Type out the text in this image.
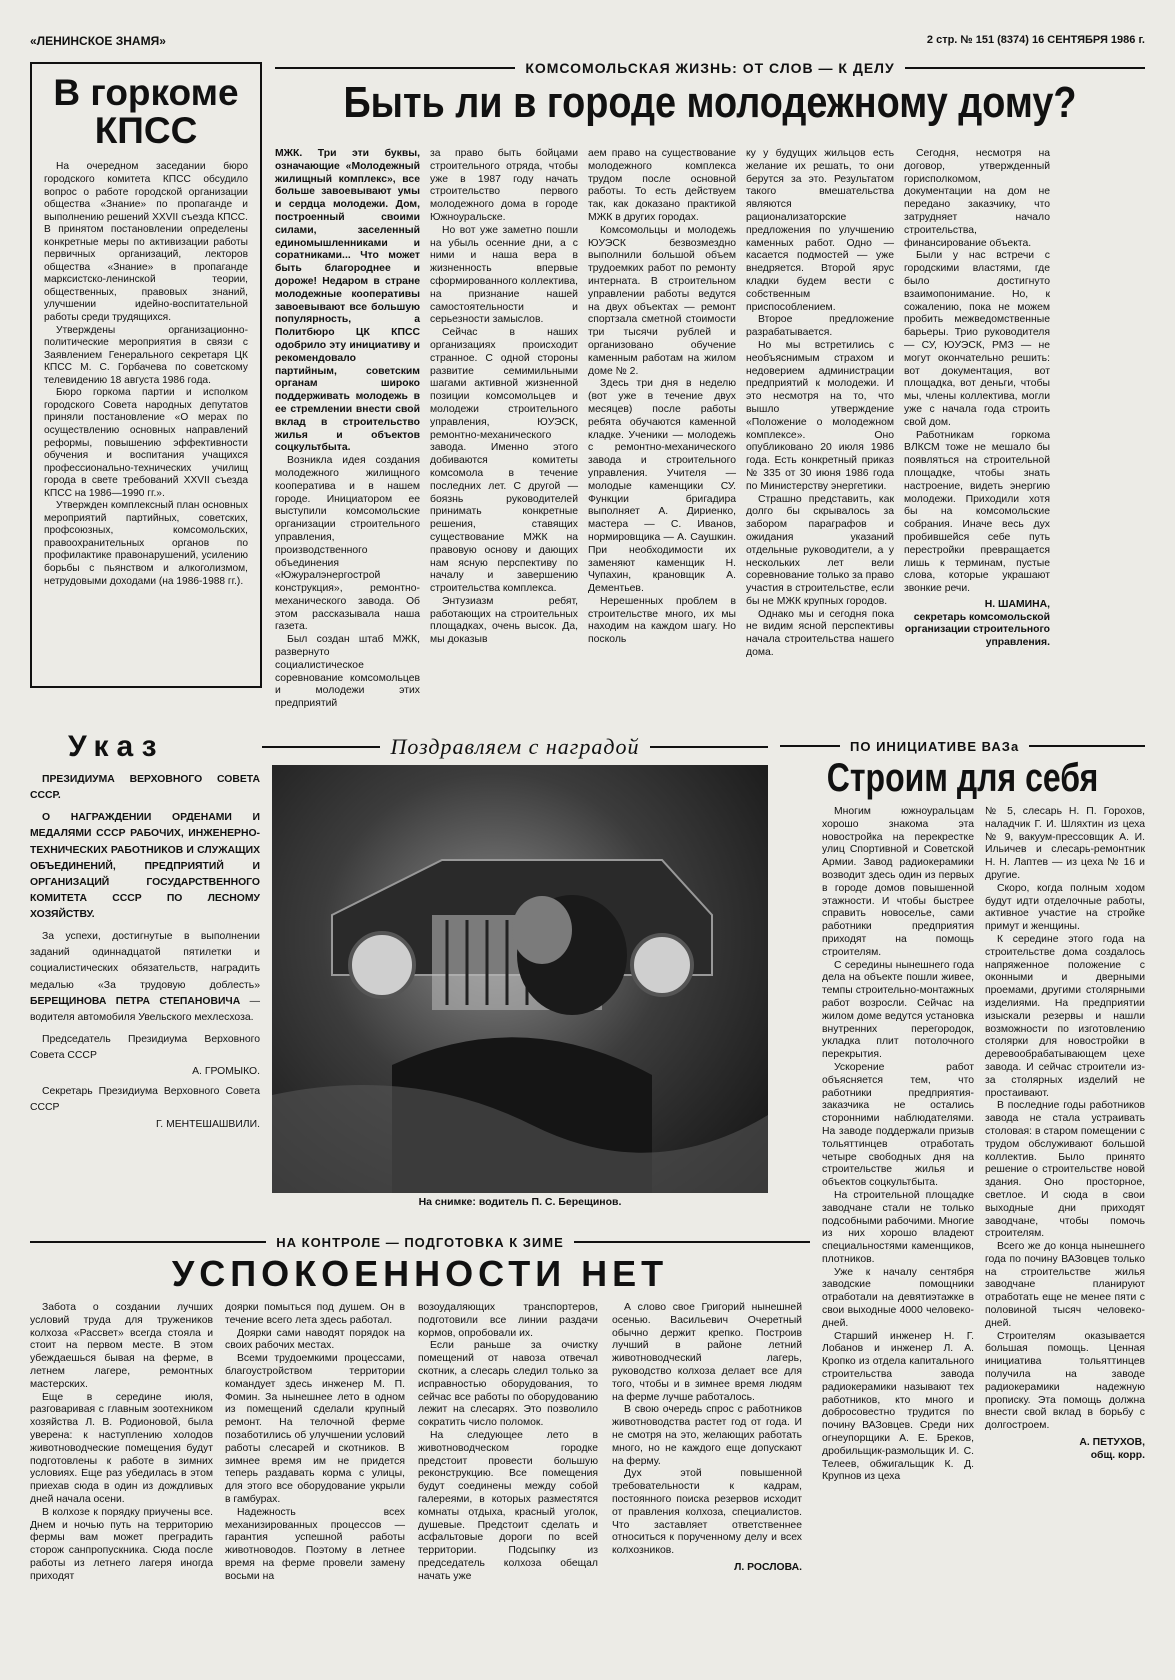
«ЛЕНИНСКОЕ ЗНАМЯ»	2 стр. № 151 (8374) 16 СЕНТЯБРЯ 1986 г.
В горкоме КПСС

На очередном заседании бюро городского комитета КПСС обсудило вопрос о работе городской организации общества «Знание» по пропаганде и выполнению решений XXVII съезда КПСС. В принятом постановлении определены конкретные меры по активизации работы первичных организаций, лекторов общества «Знание» в пропаганде марксистско-ленинской теории, общественных, правовых знаний, улучшении идейно-воспитательной работы среди трудящихся.

Утверждены организационно-политические мероприятия в связи с Заявлением Генерального секретаря ЦК КПСС М. С. Горбачева по советскому телевидению 18 августа 1986 года.

Бюро горкома партии и исполком городского Совета народных депутатов приняли постановление «О мерах по осуществлению основных направлений реформы, повышению эффективности обучения и воспитания учащихся профессионально-технических училищ города в свете требований XXVII съезда КПСС на 1986—1990 гг.».

Утвержден комплексный план основных мероприятий партийных, советских, профсоюзных, комсомольских, правоохранительных органов по профилактике правонарушений, усилению борьбы с пьянством и алкоголизмом, нетрудовыми доходами (на 1986-1988 гг.).

КОМСОМОЛЬСКАЯ ЖИЗНЬ: ОТ СЛОВ — К ДЕЛУ
Быть ли в городе молодежному дому?

МЖК. Три эти буквы, означающие «Молодежный жилищный комплекс», все больше завоевывают умы и сердца молодежи. Дом, построенный своими силами, заселенный единомышленниками и соратниками... Что может быть благороднее и дороже! Недаром в стране молодежные кооперативы завоевывают все большую популярность, а Политбюро ЦК КПСС одобрило эту инициативу и рекомендовало партийным, советским органам широко поддерживать молодежь в ее стремлении внести свой вклад в строительство жилья и объектов соцкультбыта.

Возникла идея создания молодежного жилищного кооператива и в нашем городе. Инициатором ее выступили комсомольские организации строительного управления, производственного объединения «Южуралэнергострой конструкция», ремонтно-механического завода. Об этом рассказывала наша газета.

Был создан штаб МЖК, развернуто социалистическое соревнование комсомольцев и молодежи этих предприятий

за право быть бойцами строительного отряда, чтобы уже в 1987 году начать строительство первого молодежного дома в городе Южноуральске.

Но вот уже заметно пошли на убыль осенние дни, а с ними и наша вера в жизненность впервые сформированного коллектива, на признание нашей самостоятельности и серьезности замыслов.

Сейчас в наших организациях происходит странное. С одной стороны развитие семимильными шагами активной жизненной позиции комсомольцев и молодежи строительного управления, ЮУЭСК, ремонтно-механического завода. Именно этого добиваются комитеты комсомола в течение последних лет. С другой — боязнь руководителей принимать конкретные решения, ставящих существование МЖК на правовую основу и дающих нам ясную перспективу по началу и завершению строительства комплекса.

Энтузиазм ребят, работающих на строительных площадках, очень высок. Да, мы доказыв

аем право на существование молодежного комплекса трудом после основной работы. То есть действуем так, как доказано практикой МЖК в других городах.

Комсомольцы и молодежь ЮУЭСК безвозмездно выполнили большой объем трудоемких работ по ремонту интерната. В строительном управлении работы ведутся на двух объектах — ремонт спортзала сметной стоимости три тысячи рублей и организовано обучение каменным работам на жилом доме № 2.

Здесь три дня в неделю (вот уже в течение двух месяцев) после работы ребята обучаются каменной кладке. Ученики — молодежь с ремонтно-механического завода и строительного управления. Учителя — молодые каменщики СУ. Функции бригадира выполняет А. Дириенко, мастера — С. Иванов, нормировщика — А. Саушкин. При необходимости их заменяют каменщик Н. Чупахин, крановщик А. Дементьев.

Нерешенных проблем в строительстве много, их мы находим на каждом шагу. Но посколь

ку у будущих жильцов есть желание их решать, то они берутся за это. Результатом такого вмешательства являются рационализаторские предложения по улучшению каменных работ. Одно — касается подмостей — уже внедряется. Второй ярус кладки будем вести с собственным приспособлением.

Второе предложение разрабатывается.

Но мы встретились с необъяснимым страхом и недоверием администрации предприятий к молодежи. И это несмотря на то, что вышло утверждение «Положение о молодежном комплексе». Оно опубликовано 20 июля 1986 года. Есть конкретный приказ № 335 от 30 июня 1986 года по Министерству энергетики.

Страшно представить, как долго бы скрывалось за забором параграфов и ожидания указаний отдельные руководители, а у нескольких лет вели соревнование только за право участия в строительстве, если бы не МЖК крупных городов.

Однако мы и сегодня пока не видим ясной перспективы начала строительства нашего дома.

Сегодня, несмотря на договор, утвержденный горисполкомом, документации на дом не передано заказчику, что затрудняет начало строительства, финансирование объекта.

Были у нас встречи с городскими властями, где было достигнуто взаимопонимание. Но, к сожалению, пока не можем пробить межведомственные барьеры. Трио руководителя — СУ, ЮУЭСК, РМЗ — не могут окончательно решить: вот документация, вот площадка, вот деньги, чтобы мы, члены коллектива, могли уже с начала года строить свой дом.

Работникам горкома ВЛКСМ тоже не мешало бы появляться на строительной площадке, чтобы знать настроение, видеть энергию молодежи. Приходили хотя бы на комсомольские собрания. Иначе весь дух пробившейся себе путь перестройки превращается лишь к терминам, пустые слова, которые украшают звонкие речи.

Н. ШАМИНА,
секретарь комсомольской организации строительного управления.
Указ

ПРЕЗИДИУМА ВЕРХОВНОГО СОВЕТА СССР.

О НАГРАЖДЕНИИ ОРДЕНАМИ И МЕДАЛЯМИ СССР РАБОЧИХ, ИНЖЕНЕРНО-ТЕХНИЧЕСКИХ РАБОТНИКОВ И СЛУЖАЩИХ ОБЪЕДИНЕНИЙ, ПРЕДПРИЯТИЙ И ОРГАНИЗАЦИЙ ГОСУДАРСТВЕННОГО КОМИТЕТА СССР ПО ЛЕСНОМУ ХОЗЯЙСТВУ.

За успехи, достигнутые в выполнении заданий одиннадцатой пятилетки и социалистических обязательств, наградить медалью «За трудовую доблесть» БЕРЕЩИНОВА ПЕТРА СТЕПАНОВИЧА — водителя автомобиля Увельского мехлесхоза.

Председатель Президиума Верховного Совета СССР

А. ГРОМЫКО.

Секретарь Президиума Верховного Совета СССР

Г. МЕНТЕШАШВИЛИ.
Поздравляем с наградой
На снимке: водитель П. С. Берещинов.
ПО ИНИЦИАТИВЕ ВАЗа
Строим для себя

Многим южноуральцам хорошо знакома эта новостройка на перекрестке улиц Спортивной и Советской Армии. Завод радиокерамики возводит здесь один из первых в городе домов повышенной этажности. И чтобы быстрее справить новоселье, сами работники предприятия приходят на помощь строителям.

С середины нынешнего года дела на объекте пошли живее, темпы строительно-монтажных работ возросли. Сейчас на жилом доме ведутся установка внутренних перегородок, укладка плит потолочного перекрытия.

Ускорение работ объясняется тем, что работники предприятия-заказчика не остались сторонними наблюдателями. На заводе поддержали призыв тольяттинцев отработать четыре свободных дня на строительстве жилья и объектов соцкультбыта.

На строительной площадке заводчане стали не только подсобными рабочими. Многие из них хорошо владеют специальностями каменщиков, плотников.

Уже к началу сентября заводские помощники отработали на девятиэтажке в свои выходные 4000 человеко-дней.

Старший инженер Н. Г. Лобанов и инженер Л. А. Кропко из отдела капитального строительства завода радиокерамики называют тех работников, кто много и добросовестно трудится по почину ВАЗовцев. Среди них огнеупорщики А. Е. Бреков, дробильщик-размольщик И. С. Телеев, обжигальщик К. Д. Крупнов из цеха

№ 5, слесарь Н. П. Горохов, наладчик Г. И. Шляхтин из цеха № 9, вакуум-прессовщик А. И. Ильичев и слесарь-ремонтник Н. Н. Лаптев — из цеха № 16 и другие.

Скоро, когда полным ходом будут идти отделочные работы, активное участие на стройке примут и женщины.

К середине этого года на строительстве дома создалось напряженное положение с оконными и дверными проемами, другими столярными изделиями. На предприятии изыскали резервы и нашли возможности по изготовлению столярки для новостройки в деревообрабатывающем цехе завода. И сейчас строители из-за столярных изделий не простаивают.

В последние годы работников завода не стала устраивать столовая: в старом помещении с трудом обслуживают большой коллектив. Было принято решение о строительстве новой здания. Оно просторное, светлое. И сюда в свои выходные дни приходят заводчане, чтобы помочь строителям.

Всего же до конца нынешнего года по почину ВАЗовцев только на строительстве жилья заводчане планируют отработать еще не менее пяти с половиной тысяч человеко-дней.

Строителям оказывается большая помощь. Ценная инициатива тольяттинцев получила на заводе радиокерамики надежную прописку. Эта помощь должна внести свой вклад в борьбу с долгостроем.

А. ПЕТУХОВ,
общ. корр.
НА КОНТРОЛЕ — ПОДГОТОВКА К ЗИМЕ
УСПОКОЕННОСТИ НЕТ

Забота о создании лучших условий труда для тружеников колхоза «Рассвет» всегда стояла и стоит на первом месте. В этом убеждаешься бывая на ферме, в летнем лагере, ремонтных мастерских.

Еще в середине июля, разговаривая с главным зоотехником хозяйства Л. В. Родионовой, была уверена: к наступлению холодов животноводческие помещения будут подготовлены к работе в зимних условиях. Еще раз убедилась в этом приехав сюда в один из дождливых дней начала осени.

В колхозе к порядку приучены все. Днем и ночью путь на территорию фермы вам может преградить сторож санпропускника. Сюда после работы из летнего лагеря иногда приходят

доярки помыться под душем. Он в течение всего лета здесь работал.

Доярки сами наводят порядок на своих рабочих местах.

Всеми трудоемкими процессами, благоустройством территории командует здесь инженер М. П. Фомин. За нынешнее лето в одном из помещений сделали крупный ремонт. На телочной ферме позаботились об улучшении условий работы слесарей и скотников. В зимнее время им не придется теперь раздавать корма с улицы, для этого все оборудование укрыли в гамбурах.

Надежность всех механизированных процессов — гарантия успешной работы животноводов. Поэтому в летнее время на ферме провели замену восьми на

возоудаляющих транспортеров, подготовили все линии раздачи кормов, опробовали их.

Если раньше за очистку помещений от навоза отвечал скотник, а слесарь следил только за исправностью оборудования, то сейчас все работы по оборудованию лежит на слесарях. Это позволило сократить число поломок.

На следующее лето в животноводческом городке предстоит провести большую реконструкцию. Все помещения будут соединены между собой галереями, в которых разместятся комнаты отдыха, красный уголок, душевые. Предстоит сделать и асфальтовые дороги по всей территории. Подсыпку из председатель колхоза обещал начать уже

А слово свое Григорий нынешней осенью. Васильевич Очеретный обычно держит крепко. Построив лучший в районе летний животноводческий лагерь, руководство колхоза делает все для того, чтобы и в зимнее время людям на ферме лучше работалось.

В свою очередь спрос с работников животноводства растет год от года. И не смотря на это, желающих работать много, но не каждого еще допускают на ферму.

Дух этой повышенной требовательности к кадрам, постоянного поиска резервов исходит от правления колхоза, специалистов. Что заставляет ответственнее относиться к порученному делу и всех колхозников.

Л. РОСЛОВА.
